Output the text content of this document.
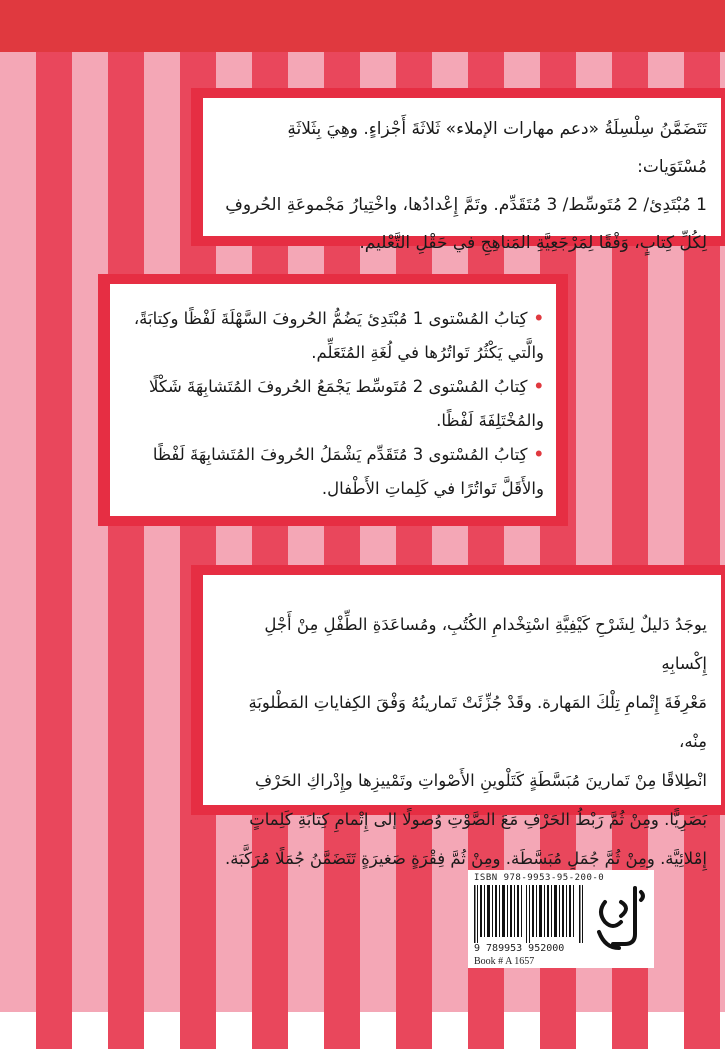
تَتَضَمَّنُ سِلْسِلَةُ «دعم مهارات الإملاء» ثَلاثَةَ أَجْزاءٍ. وهِيَ بِثَلاثَةِ مُسْتَوَيات:
1 مُبْتَدِئ/ 2 مُتَوسِّط/ 3 مُتَقَدِّم. وتَمَّ إِعْدادُها، واخْتِيارُ مَجْموعَةِ الحُروفِ
لِكُلِّ كِتابٍ، وَفْقًا لِمَرْجَعِيَّةِ المَناهِجِ في حَقْلِ التَّعْليم.
•كِتابُ المُسْتوى 1 مُبْتَدِئ يَضُمُّ الحُروفَ السَّهْلَةَ لَفْظًا وكِتابَةً،
والَّتي يَكْثُرُ تَواتُرُها في لُغَةِ المُتَعَلِّم.
•كِتابُ المُسْتوى 2 مُتَوسِّط يَجْمَعُ الحُروفَ المُتَشابِهَةَ شَكْلًا
والمُخْتَلِفَةَ لَفْظًا.
•كِتابُ المُسْتوى 3 مُتَقَدِّم يَشْمَلُ الحُروفَ المُتَشابِهَةَ لَفْظًا
والأَقَلَّ تَواتُرًا في كَلِماتِ الأَطْفال.
يوجَدُ دَليلٌ لِشَرْحِ كَيْفِيَّةِ اسْتِخْدامِ الكُتُبِ، ومُساعَدَةِ الطِّفْلِ مِنْ أَجْلِ إِكْسابِهِ
مَعْرِفَةَ إِتْمامِ تِلْكَ المَهارة. وقَدْ جُزِّئَتْ تَمارينُهُ وَفْقَ الكِفاياتِ المَطْلوبَةِ مِنْه،
انْطِلاقًا مِنْ تَمارينَ مُبَسَّطَةٍ كَتَلْوينِ الأَصْواتِ وتَمْييزِها وإِدْراكِ الحَرْفِ
بَصَرِيًّا. ومِنْ ثُمَّ رَبْطُ الحَرْفِ مَعَ الصَّوْتِ وُصولًا إلى إِتْمامِ كِتابَةِ كَلِماتٍ
إِمْلائِيَّة. ومِنْ ثُمَّ جُمَلٍ مُبَسَّطَة. ومِنْ ثُمَّ فِقْرَةٍ صَغيرَةٍ تَتَضَمَّنُ جُمَلًا مُرَكَّبَة.
ISBN 978-9953-95-200-0
9 789953 952000
Book # A 1657
